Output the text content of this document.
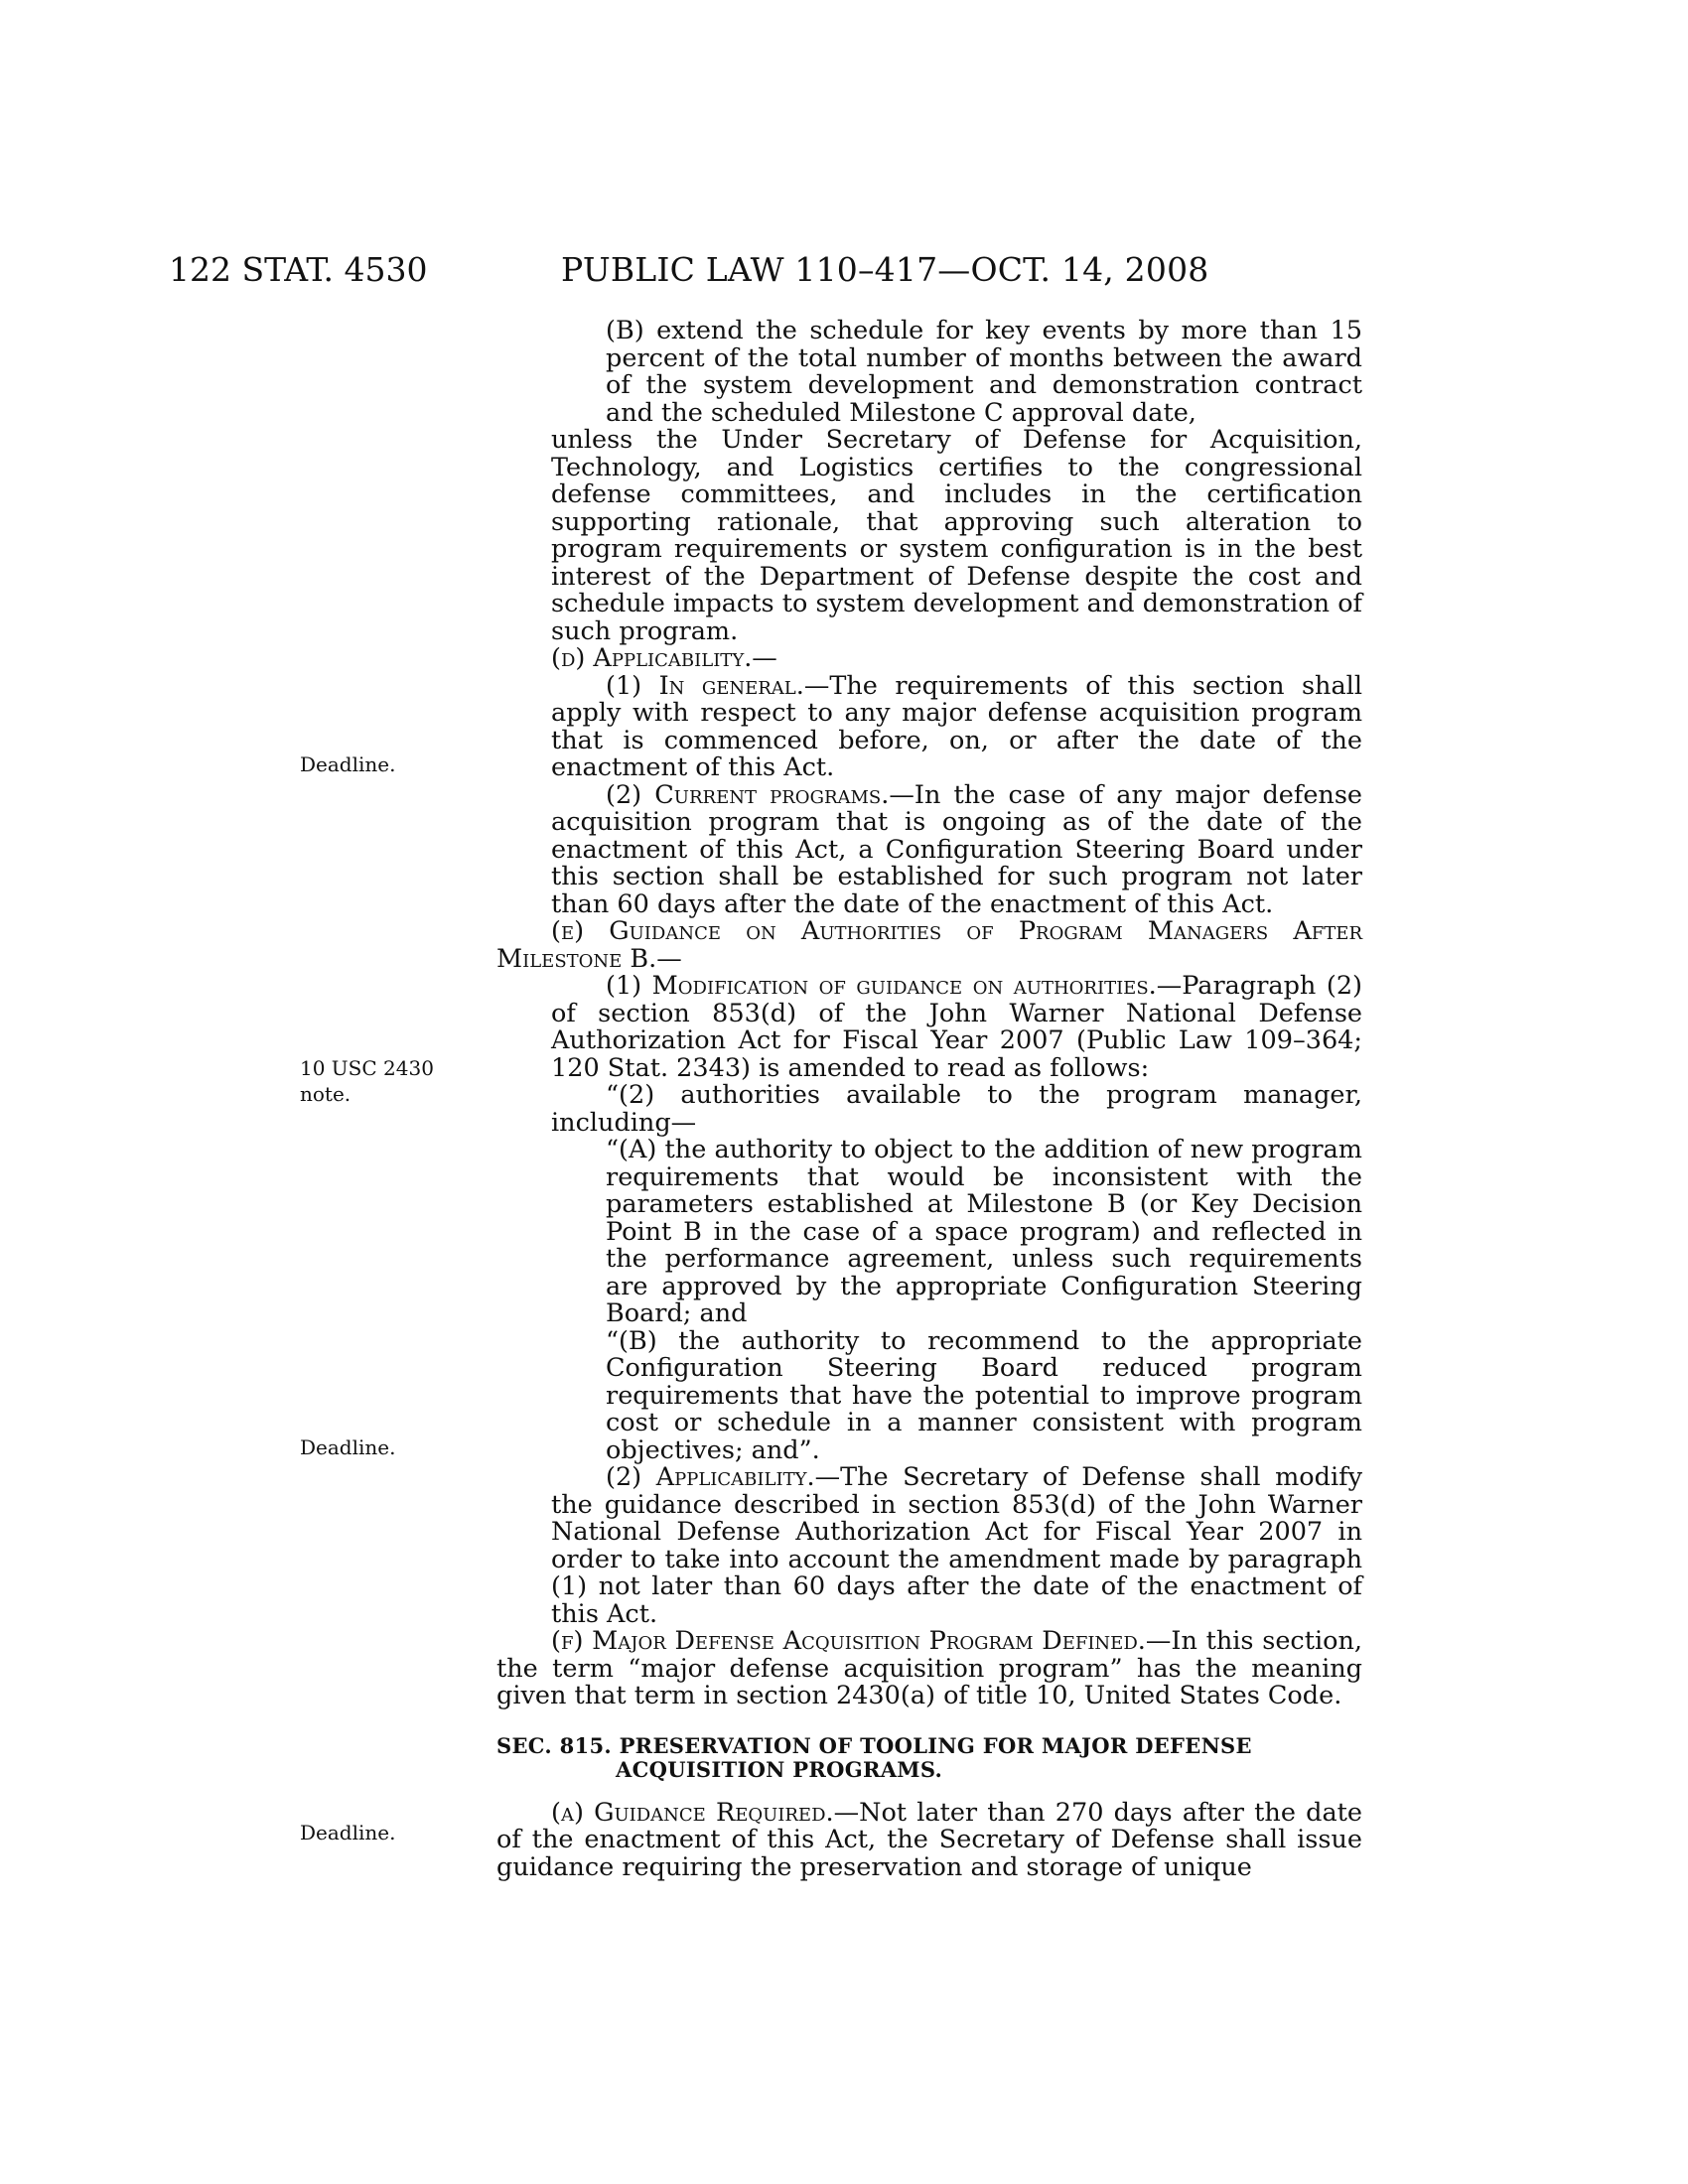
122 STAT. 4530	PUBLIC LAW 110–417—OCT. 14, 2008
Deadline.
10 USC 2430
note.
Deadline.
Deadline.

(B) extend the schedule for key events by more than 15 percent of the total number of months between the award of the system development and demonstration contract and the scheduled Milestone C approval date,

unless the Under Secretary of Defense for Acquisition, Technology, and Logistics certifies to the congressional defense committees, and includes in the certification supporting rationale, that approving such alteration to program requirements or system configuration is in the best interest of the Department of Defense despite the cost and schedule impacts to system development and demonstration of such program.

(d) Applicability.—

(1) In general.—The requirements of this section shall apply with respect to any major defense acquisition program that is commenced before, on, or after the date of the enactment of this Act.

(2) Current programs.—In the case of any major defense acquisition program that is ongoing as of the date of the enactment of this Act, a Configuration Steering Board under this section shall be established for such program not later than 60 days after the date of the enactment of this Act.

(e) Guidance on Authorities of Program Managers After Milestone B.—

(1) Modification of guidance on authorities.—Paragraph (2) of section 853(d) of the John Warner National Defense Authorization Act for Fiscal Year 2007 (Public Law 109–364; 120 Stat. 2343) is amended to read as follows:

“(2) authorities available to the program manager, including—

“(A) the authority to object to the addition of new program requirements that would be inconsistent with the parameters established at Milestone B (or Key Decision Point B in the case of a space program) and reflected in the performance agreement, unless such requirements are approved by the appropriate Configuration Steering Board; and

“(B) the authority to recommend to the appropriate Configuration Steering Board reduced program requirements that have the potential to improve program cost or schedule in a manner consistent with program objectives; and”.

(2) Applicability.—The Secretary of Defense shall modify the guidance described in section 853(d) of the John Warner National Defense Authorization Act for Fiscal Year 2007 in order to take into account the amendment made by paragraph (1) not later than 60 days after the date of the enactment of this Act.

(f) Major Defense Acquisition Program Defined.—In this section, the term “major defense acquisition program” has the meaning given that term in section 2430(a) of title 10, United States Code.

SEC. 815. PRESERVATION OF TOOLING FOR MAJOR DEFENSE ACQUISITION PROGRAMS.

(a) Guidance Required.—Not later than 270 days after the date of the enactment of this Act, the Secretary of Defense shall issue guidance requiring the preservation and storage of unique
